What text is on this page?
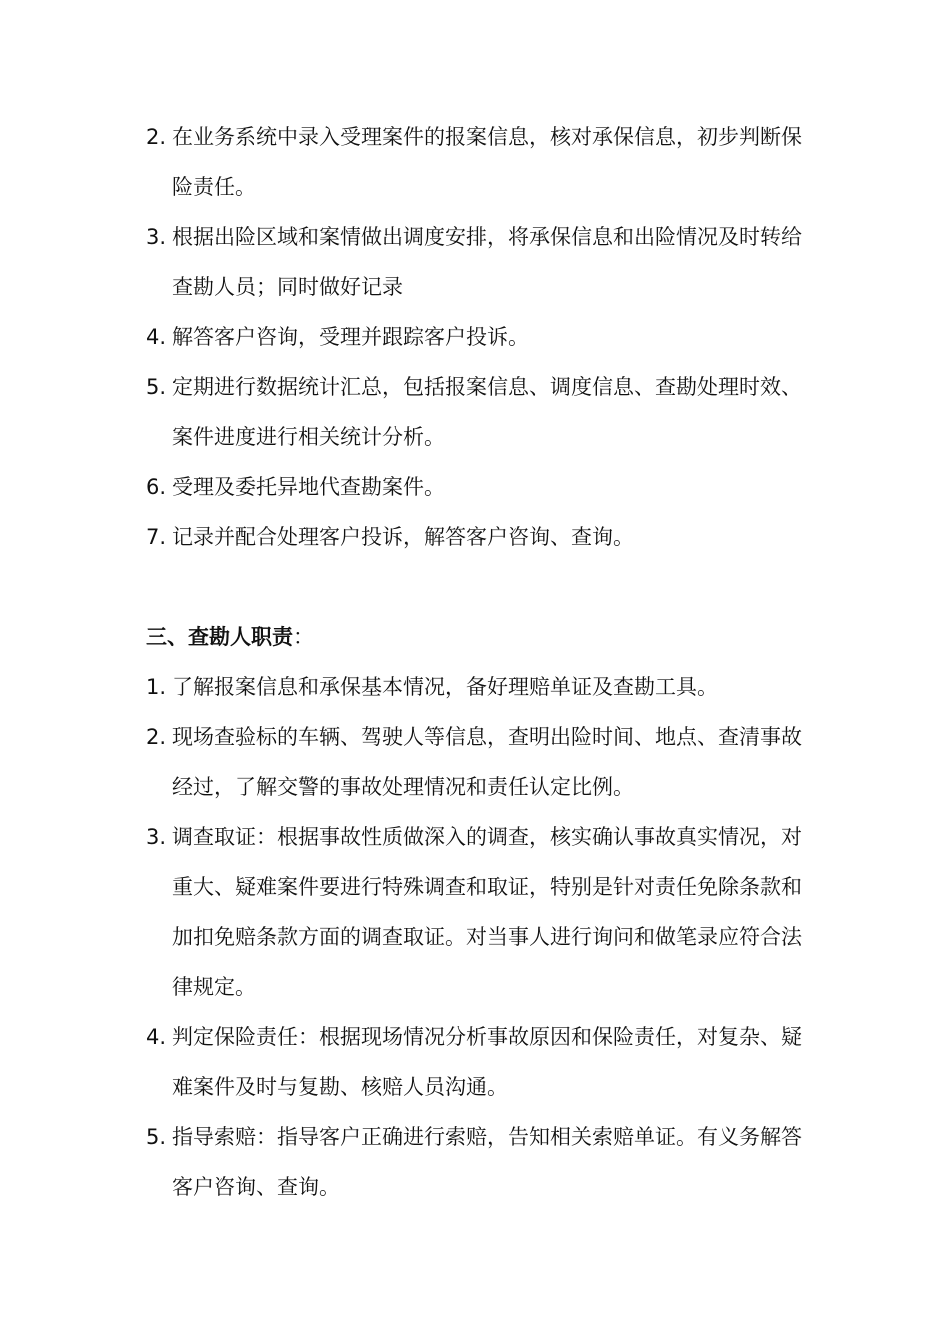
2. 在业务系统中录入受理案件的报案信息，核对承保信息，初步判断保险责任。
3. 根据出险区域和案情做出调度安排，将承保信息和出险情况及时转给查勘人员；同时做好记录
4. 解答客户咨询，受理并跟踪客户投诉。
5. 定期进行数据统计汇总，包括报案信息、调度信息、查勘处理时效、案件进度进行相关统计分析。
6. 受理及委托异地代查勘案件。
7. 记录并配合处理客户投诉，解答客户咨询、查询。

三、查勘人职责：

1. 了解报案信息和承保基本情况，备好理赔单证及查勘工具。
2. 现场查验标的车辆、驾驶人等信息，查明出险时间、地点、查清事故经过，了解交警的事故处理情况和责任认定比例。
3. 调查取证：根据事故性质做深入的调查，核实确认事故真实情况，对重大、疑难案件要进行特殊调查和取证，特别是针对责任免除条款和加扣免赔条款方面的调查取证。对当事人进行询问和做笔录应符合法律规定。
4. 判定保险责任：根据现场情况分析事故原因和保险责任，对复杂、疑难案件及时与复勘、核赔人员沟通。
5. 指导索赔：指导客户正确进行索赔，告知相关索赔单证。有义务解答客户咨询、查询。
